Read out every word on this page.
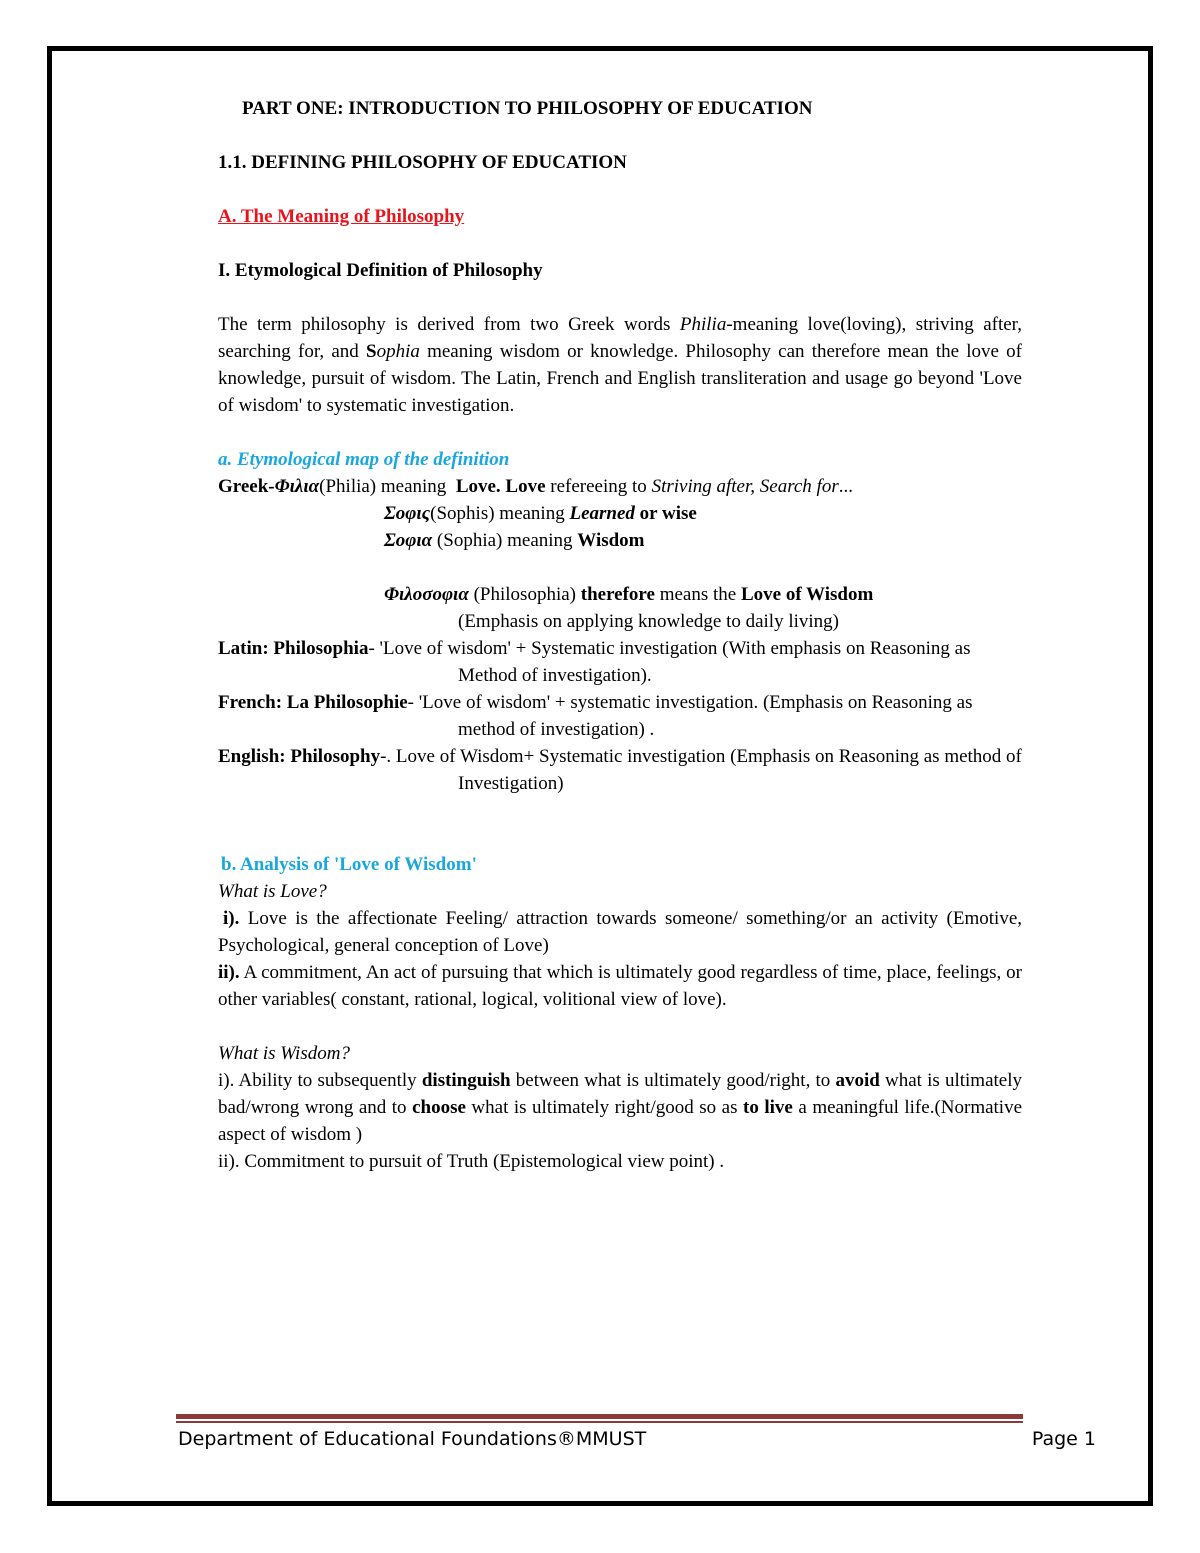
PART ONE: INTRODUCTION TO PHILOSOPHY OF EDUCATION

1.1. DEFINING PHILOSOPHY OF EDUCATION

A. The Meaning of Philosophy

I. Etymological Definition of Philosophy

The term philosophy is derived from two Greek words Philia-meaning love(loving), striving after, searching for, and Sophia meaning wisdom or knowledge. Philosophy can therefore mean the love of knowledge, pursuit of wisdom. The Latin, French and English transliteration and usage go beyond 'Love of wisdom' to systematic investigation.

a. Etymological map of the definition

Greek-Φιλια(Philia) meaning  Love. Love refereeing to Striving after, Search for...

Σοφις(Sophis) meaning Learned or wise

Σοφια (Sophia) meaning Wisdom

Φιλοσοφια (Philosophia) therefore means the Love of Wisdom

(Emphasis on applying knowledge to daily living)

Latin: Philosophia- 'Love of wisdom' + Systematic investigation (With emphasis on Reasoning as Method of investigation).

French: La Philosophie- 'Love of wisdom' + systematic investigation. (Emphasis on Reasoning as method of investigation) .

English: Philosophy-. Love of Wisdom+ Systematic investigation (Emphasis on Reasoning as method of Investigation)

b. Analysis of 'Love of Wisdom'

What is Love?

i). Love is the affectionate Feeling/ attraction towards someone/ something/or an activity (Emotive, Psychological, general conception of Love)

ii). A commitment, An act of pursuing that which is ultimately good regardless of time, place, feelings, or other variables( constant, rational, logical, volitional view of love).

What is Wisdom?

i). Ability to subsequently distinguish between what is ultimately good/right, to avoid what is ultimately bad/wrong wrong and to choose what is ultimately right/good so as to live a meaningful life.(Normative aspect of wisdom )

ii). Commitment to pursuit of Truth (Epistemological view point) .

Department of Educational Foundations®MMUST	Page 1
